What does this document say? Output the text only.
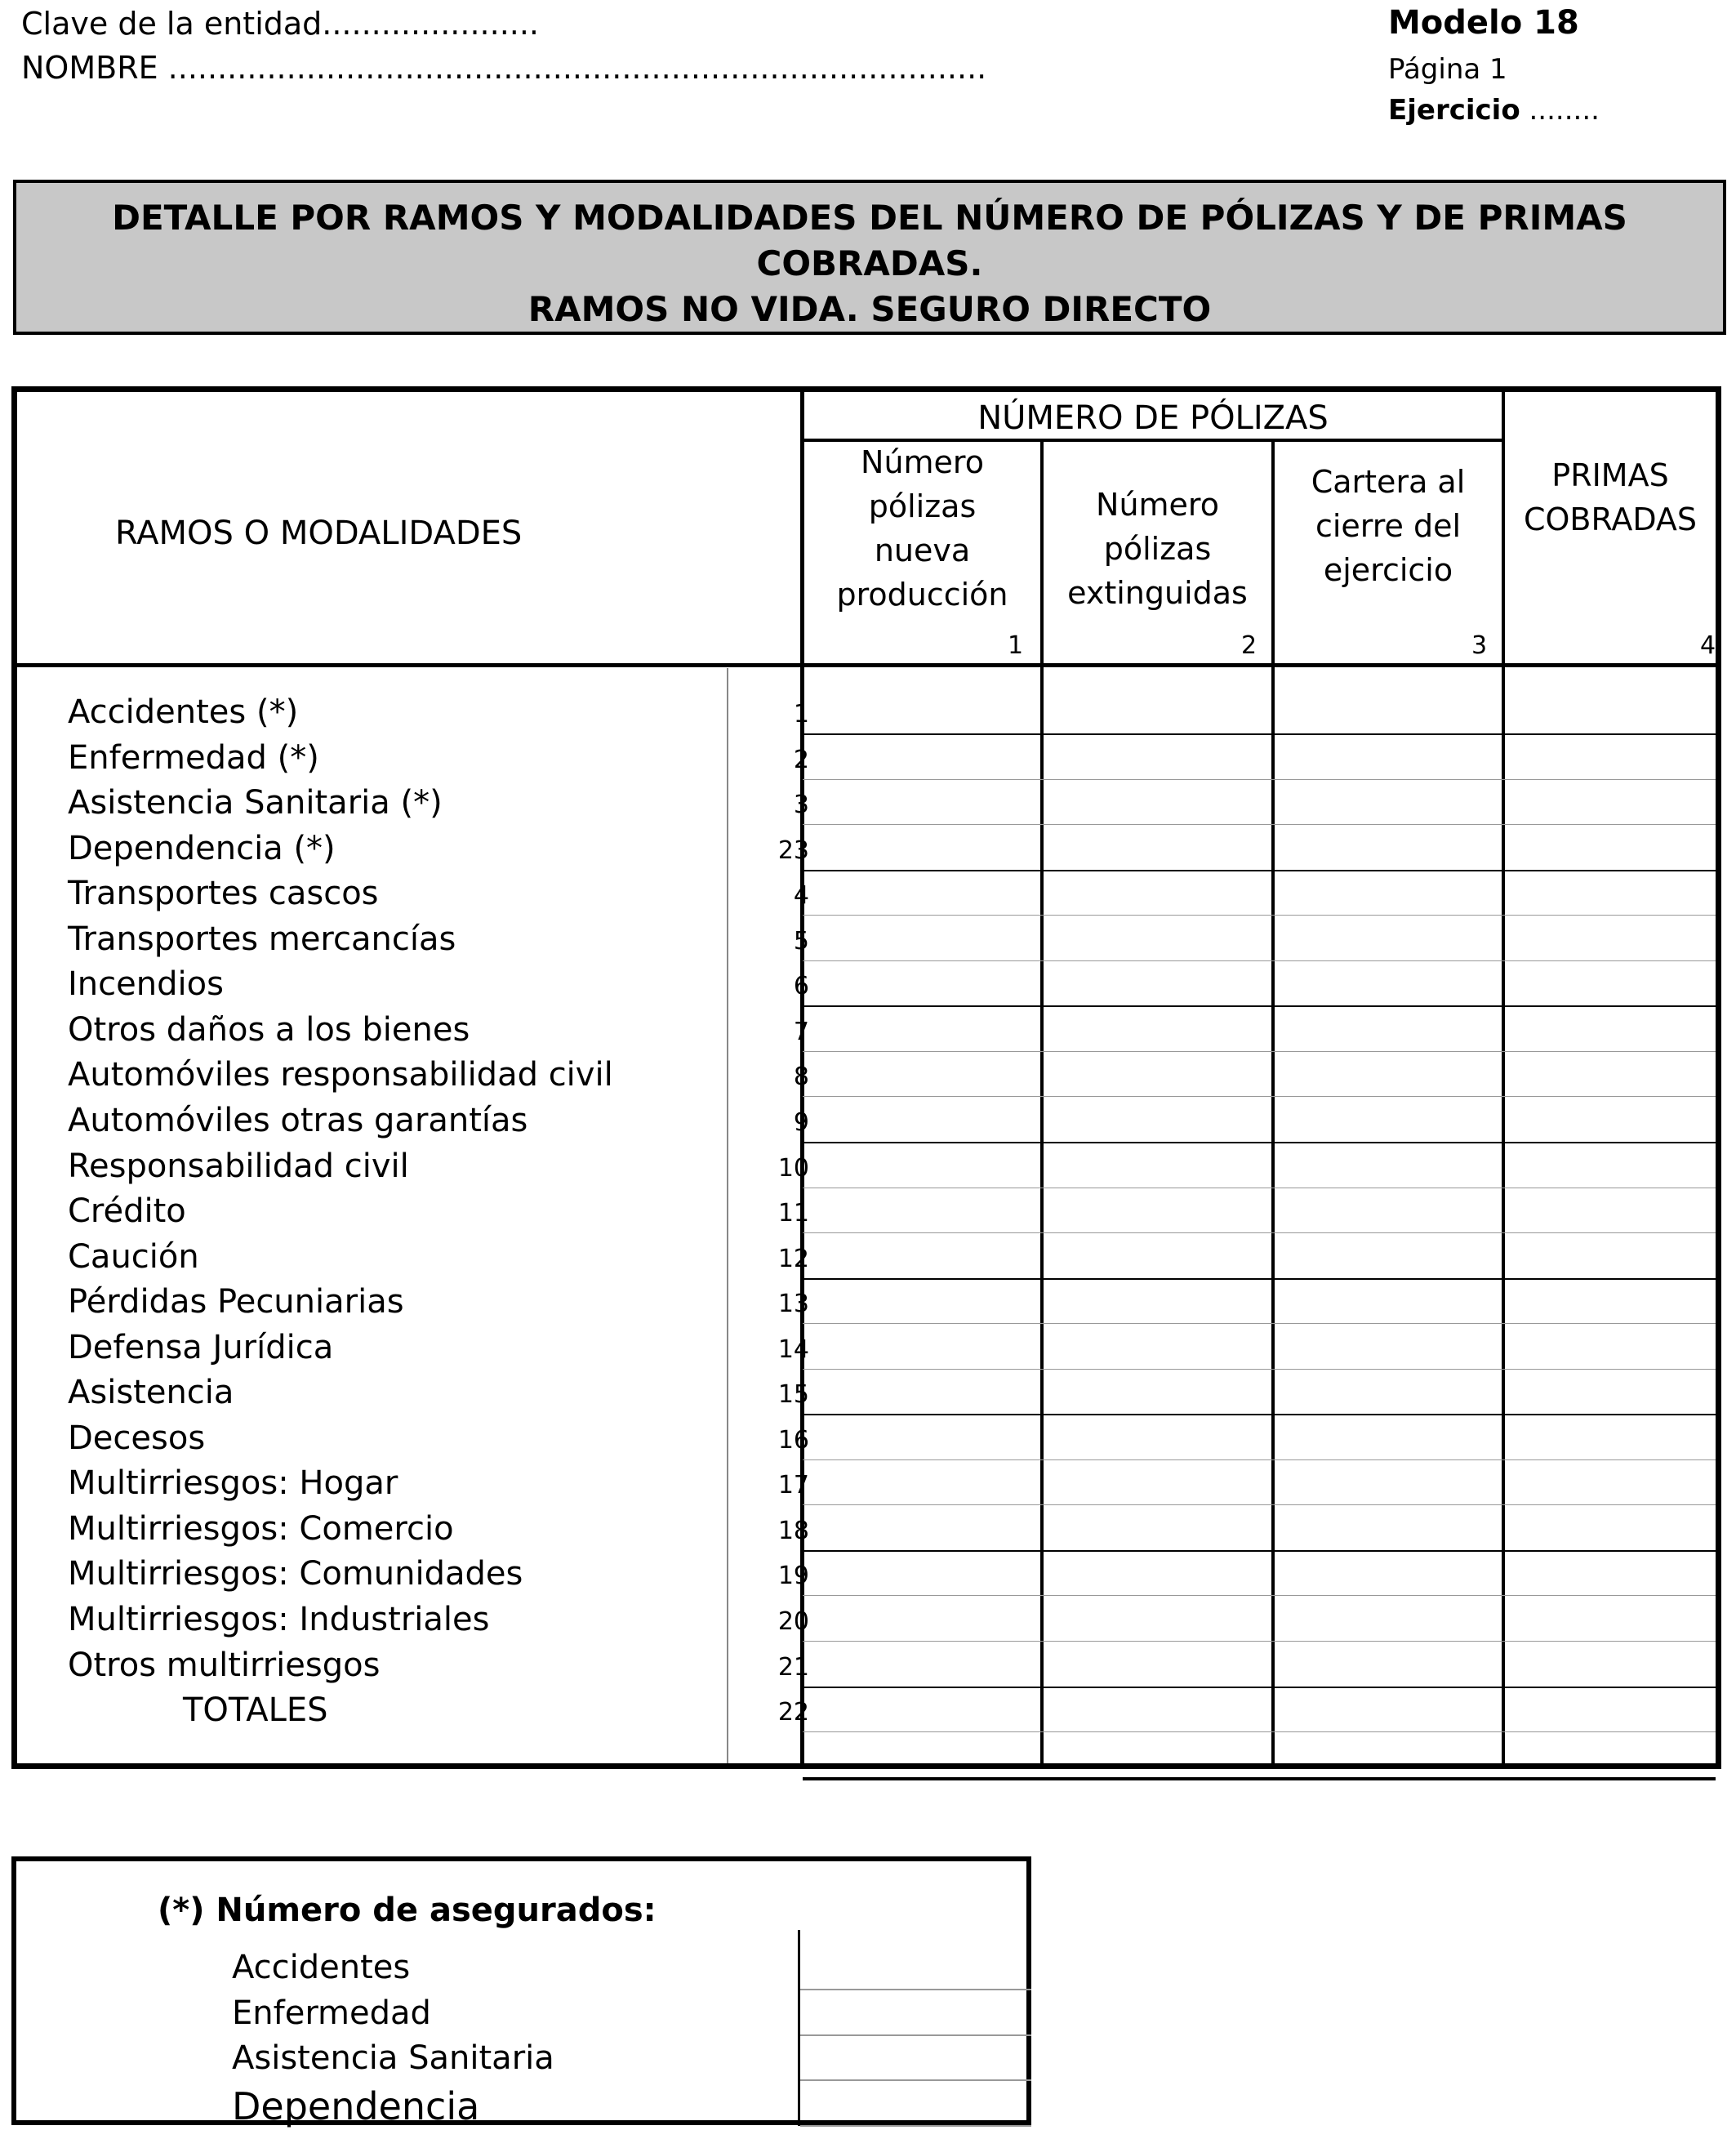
Clave de la entidad......................
NOMBRE ...................................................................................
Modelo 18
Página 1
Ejercicio ........
DETALLE POR RAMOS Y MODALIDADES DEL NÚMERO DE PÓLIZAS Y DE PRIMAS
COBRADAS.
RAMOS NO VIDA. SEGURO DIRECTO
RAMOS O MODALIDADES
NÚMERO DE PÓLIZAS
Número
pólizas
nueva
producción
1
Número
pólizas
extinguidas
2
Cartera al
cierre del
ejercicio
3
PRIMAS
COBRADAS
4
Accidentes (*)	1
Enfermedad (*)	2
Asistencia Sanitaria (*)	3
Dependencia (*)	23
Transportes cascos	4
Transportes mercancías	5
Incendios	6
Otros daños a los bienes	7
Automóviles responsabilidad civil	8
Automóviles otras garantías	9
Responsabilidad civil	10
Crédito	11
Caución	12
Pérdidas Pecuniarias	13
Defensa Jurídica	14
Asistencia	15
Decesos	16
Multirriesgos: Hogar	17
Multirriesgos: Comercio	18
Multirriesgos: Comunidades	19
Multirriesgos: Industriales	20
Otros multirriesgos	21
TOTALES	22
(*) Número de asegurados:
Accidentes
Enfermedad
Asistencia Sanitaria
Dependencia
